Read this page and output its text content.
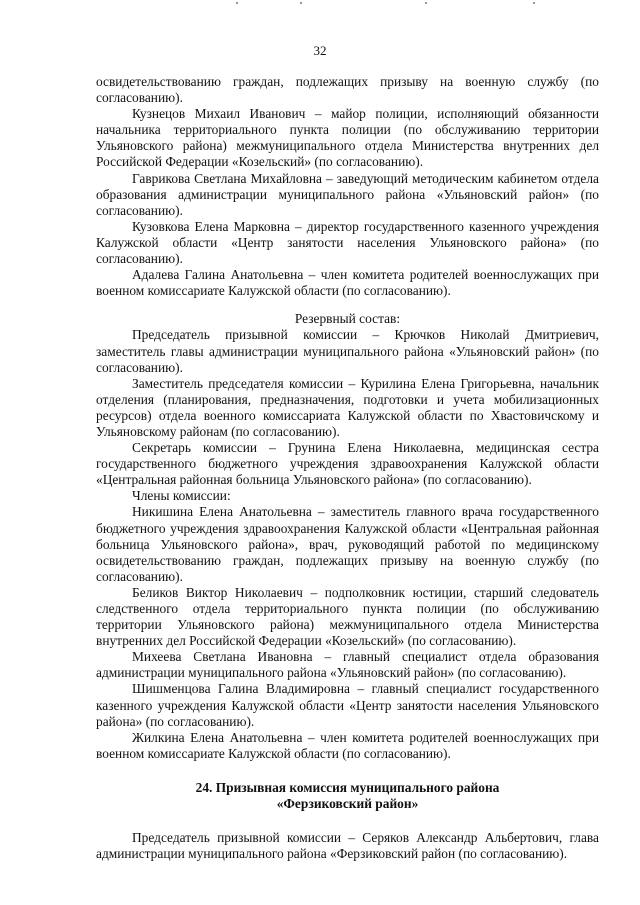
32

освидетельствованию граждан, подлежащих призыву на военную службу (по согласованию).

Кузнецов Михаил Иванович – майор полиции, исполняющий обязанности начальника территориального пункта полиции (по обслуживанию территории Ульяновского района) межмуниципального отдела Министерства внутренних дел Российской Федерации «Козельский» (по согласованию).

Гаврикова Светлана Михайловна – заведующий методическим кабинетом отдела образования администрации муниципального района «Ульяновский район» (по согласованию).

Кузовкова Елена Марковна – директор государственного казенного учреждения Калужской области «Центр занятости населения Ульяновского района» (по согласованию).

Адалева Галина Анатольевна – член комитета родителей военнослужащих при военном комиссариате Калужской области (по согласованию).

Резервный состав:

Председатель призывной комиссии – Крючков Николай Дмитриевич, заместитель главы администрации муниципального района «Ульяновский район» (по согласованию).

Заместитель председателя комиссии – Курилина Елена Григорьевна, начальник отделения (планирования, предназначения, подготовки и учета мобилизационных ресурсов) отдела военного комиссариата Калужской области по Хвастовичскому и Ульяновскому районам (по согласованию).

Секретарь комиссии – Грунина Елена Николаевна, медицинская сестра государственного бюджетного учреждения здравоохранения Калужской области «Центральная районная больница Ульяновского района» (по согласованию).

Члены комиссии:

Никишина Елена Анатольевна – заместитель главного врача государственного бюджетного учреждения здравоохранения Калужской области «Центральная районная больница Ульяновского района», врач, руководящий работой по медицинскому освидетельствованию граждан, подлежащих призыву на военную службу (по согласованию).

Беликов Виктор Николаевич – подполковник юстиции, старший следователь следственного отдела территориального пункта полиции (по обслуживанию территории Ульяновского района) межмуниципального отдела Министерства внутренних дел Российской Федерации «Козельский» (по согласованию).

Михеева Светлана Ивановна – главный специалист отдела образования администрации муниципального района «Ульяновский район» (по согласованию).

Шишменцова Галина Владимировна – главный специалист государственного казенного учреждения Калужской области «Центр занятости населения Ульяновского района» (по согласованию).

Жилкина Елена Анатольевна – член комитета родителей военнослужащих при военном комиссариате Калужской области (по согласованию).

24. Призывная комиссия муниципального района

«Ферзиковский район»

Председатель призывной комиссии – Серяков Александр Альбертович, глава администрации муниципального района «Ферзиковский район (по согласованию).
